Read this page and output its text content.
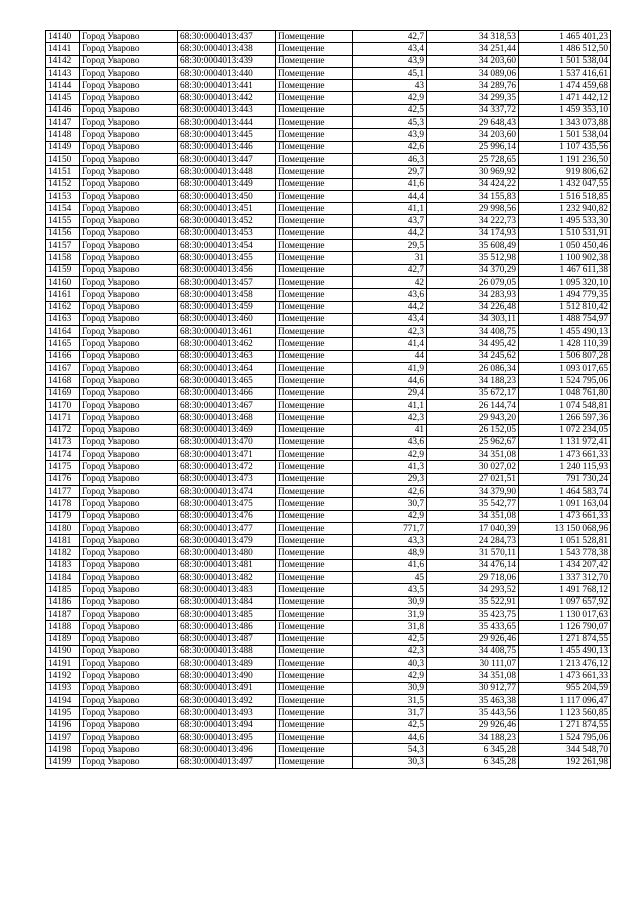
14140	Город Уварово	68:30:0004013:437	Помещение	42,7	34 318,53	1 465 401,23
14141	Город Уварово	68:30:0004013:438	Помещение	43,4	34 251,44	1 486 512,50
14142	Город Уварово	68:30:0004013:439	Помещение	43,9	34 203,60	1 501 538,04
14143	Город Уварово	68:30:0004013:440	Помещение	45,1	34 089,06	1 537 416,61
14144	Город Уварово	68:30:0004013:441	Помещение	43	34 289,76	1 474 459,68
14145	Город Уварово	68:30:0004013:442	Помещение	42,9	34 299,35	1 471 442,12
14146	Город Уварово	68:30:0004013:443	Помещение	42,5	34 337,72	1 459 353,10
14147	Город Уварово	68:30:0004013:444	Помещение	45,3	29 648,43	1 343 073,88
14148	Город Уварово	68:30:0004013:445	Помещение	43,9	34 203,60	1 501 538,04
14149	Город Уварово	68:30:0004013:446	Помещение	42,6	25 996,14	1 107 435,56
14150	Город Уварово	68:30:0004013:447	Помещение	46,3	25 728,65	1 191 236,50
14151	Город Уварово	68:30:0004013:448	Помещение	29,7	30 969,92	919 806,62
14152	Город Уварово	68:30:0004013:449	Помещение	41,6	34 424,22	1 432 047,55
14153	Город Уварово	68:30:0004013:450	Помещение	44,4	34 155,83	1 516 518,85
14154	Город Уварово	68:30:0004013:451	Помещение	41,1	29 998,56	1 232 940,82
14155	Город Уварово	68:30:0004013:452	Помещение	43,7	34 222,73	1 495 533,30
14156	Город Уварово	68:30:0004013:453	Помещение	44,2	34 174,93	1 510 531,91
14157	Город Уварово	68:30:0004013:454	Помещение	29,5	35 608,49	1 050 450,46
14158	Город Уварово	68:30:0004013:455	Помещение	31	35 512,98	1 100 902,38
14159	Город Уварово	68:30:0004013:456	Помещение	42,7	34 370,29	1 467 611,38
14160	Город Уварово	68:30:0004013:457	Помещение	42	26 079,05	1 095 320,10
14161	Город Уварово	68:30:0004013:458	Помещение	43,6	34 283,93	1 494 779,35
14162	Город Уварово	68:30:0004013:459	Помещение	44,2	34 226,48	1 512 810,42
14163	Город Уварово	68:30:0004013:460	Помещение	43,4	34 303,11	1 488 754,97
14164	Город Уварово	68:30:0004013:461	Помещение	42,3	34 408,75	1 455 490,13
14165	Город Уварово	68:30:0004013:462	Помещение	41,4	34 495,42	1 428 110,39
14166	Город Уварово	68:30:0004013:463	Помещение	44	34 245,62	1 506 807,28
14167	Город Уварово	68:30:0004013:464	Помещение	41,9	26 086,34	1 093 017,65
14168	Город Уварово	68:30:0004013:465	Помещение	44,6	34 188,23	1 524 795,06
14169	Город Уварово	68:30:0004013:466	Помещение	29,4	35 672,17	1 048 761,80
14170	Город Уварово	68:30:0004013:467	Помещение	41,1	26 144,74	1 074 548,81
14171	Город Уварово	68:30:0004013:468	Помещение	42,3	29 943,20	1 266 597,36
14172	Город Уварово	68:30:0004013:469	Помещение	41	26 152,05	1 072 234,05
14173	Город Уварово	68:30:0004013:470	Помещение	43,6	25 962,67	1 131 972,41
14174	Город Уварово	68:30:0004013:471	Помещение	42,9	34 351,08	1 473 661,33
14175	Город Уварово	68:30:0004013:472	Помещение	41,3	30 027,02	1 240 115,93
14176	Город Уварово	68:30:0004013:473	Помещение	29,3	27 021,51	791 730,24
14177	Город Уварово	68:30:0004013:474	Помещение	42,6	34 379,90	1 464 583,74
14178	Город Уварово	68:30:0004013:475	Помещение	30,7	35 542,77	1 091 163,04
14179	Город Уварово	68:30:0004013:476	Помещение	42,9	34 351,08	1 473 661,33
14180	Город Уварово	68:30:0004013:477	Помещение	771,7	17 040,39	13 150 068,96
14181	Город Уварово	68:30:0004013:479	Помещение	43,3	24 284,73	1 051 528,81
14182	Город Уварово	68:30:0004013:480	Помещение	48,9	31 570,11	1 543 778,38
14183	Город Уварово	68:30:0004013:481	Помещение	41,6	34 476,14	1 434 207,42
14184	Город Уварово	68:30:0004013:482	Помещение	45	29 718,06	1 337 312,70
14185	Город Уварово	68:30:0004013:483	Помещение	43,5	34 293,52	1 491 768,12
14186	Город Уварово	68:30:0004013:484	Помещение	30,9	35 522,91	1 097 657,92
14187	Город Уварово	68:30:0004013:485	Помещение	31,9	35 423,75	1 130 017,63
14188	Город Уварово	68:30:0004013:486	Помещение	31,8	35 433,65	1 126 790,07
14189	Город Уварово	68:30:0004013:487	Помещение	42,5	29 926,46	1 271 874,55
14190	Город Уварово	68:30:0004013:488	Помещение	42,3	34 408,75	1 455 490,13
14191	Город Уварово	68:30:0004013:489	Помещение	40,3	30 111,07	1 213 476,12
14192	Город Уварово	68:30:0004013:490	Помещение	42,9	34 351,08	1 473 661,33
14193	Город Уварово	68:30:0004013:491	Помещение	30,9	30 912,77	955 204,59
14194	Город Уварово	68:30:0004013:492	Помещение	31,5	35 463,38	1 117 096,47
14195	Город Уварово	68:30:0004013:493	Помещение	31,7	35 443,56	1 123 560,85
14196	Город Уварово	68:30:0004013:494	Помещение	42,5	29 926,46	1 271 874,55
14197	Город Уварово	68:30:0004013:495	Помещение	44,6	34 188,23	1 524 795,06
14198	Город Уварово	68:30:0004013:496	Помещение	54,3	6 345,28	344 548,70
14199	Город Уварово	68:30:0004013:497	Помещение	30,3	6 345,28	192 261,98
